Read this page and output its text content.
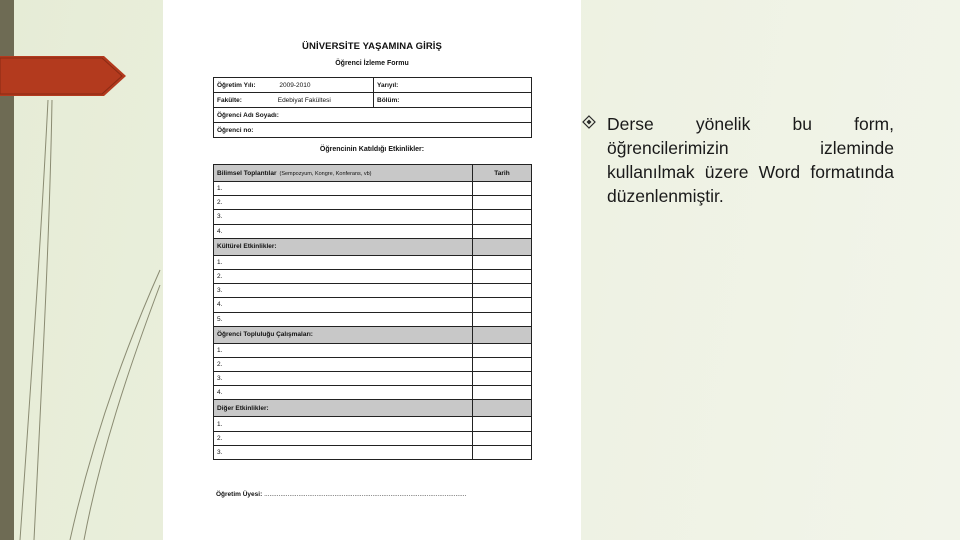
ÜNİVERSİTE YAŞAMINA GİRİŞ
Öğrenci İzleme Formu
Öğretim Yılı: 2009-2010	Yarıyıl:
Fakülte: Edebiyat Fakültesi	Bölüm:
Öğrenci Adı Soyadı:	
Öğrenci no:	
Öğrencinin Katıldığı Etkinlikler:
Bilimsel Toplantılar (Sempozyum, Kongre, Konferans, vb)	Tarih
1.	
2.	
3.	
4.	
Kültürel Etkinlikler:	
1.	
2.	
3.	
4.	
5.	
Öğrenci Topluluğu Çalışmaları:	
1.	
2.	
3.	
4.	
Diğer Etkinlikler:	
1.	
2.	
3.	
Öğretim Üyesi: ................................................................................................................
Derse yönelik bu form, öğrencilerimizin izleminde kullanılmak üzere Word formatında düzenlenmiştir.
